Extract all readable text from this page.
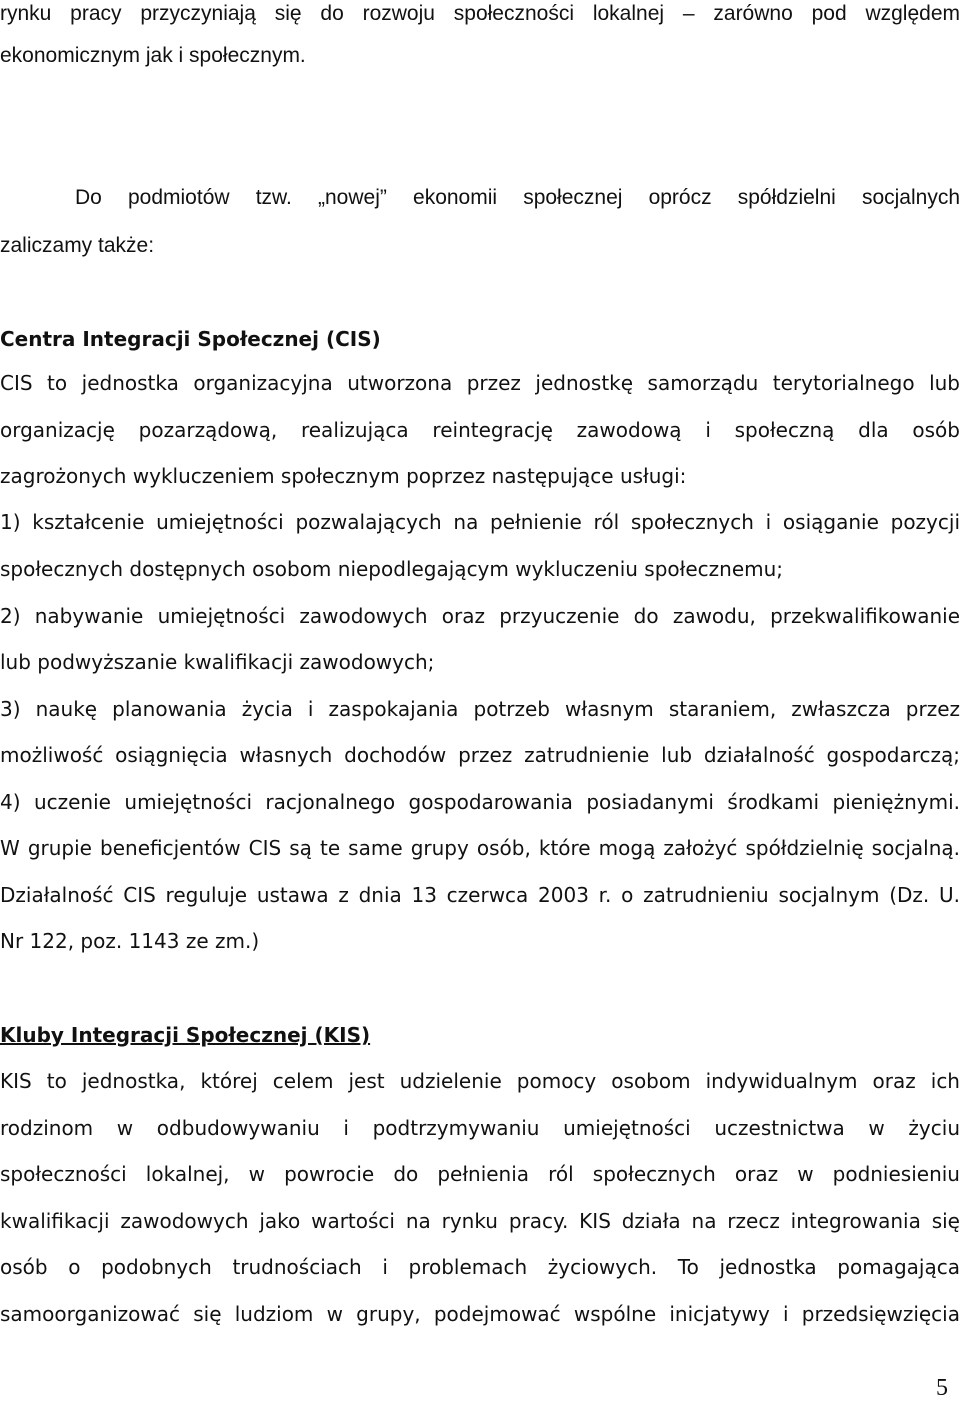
rynku pracy przyczyniają się do rozwoju społeczności lokalnej – zarówno pod względem
ekonomicznym jak i społecznym.
Do podmiotów tzw. „nowej” ekonomii społecznej oprócz spółdzielni socjalnych
zaliczamy także:
Centra Integracji Społecznej (CIS)
CIS to jednostka organizacyjna utworzona przez jednostkę samorządu terytorialnego lub
organizację pozarządową, realizująca reintegrację zawodową i społeczną dla osób
zagrożonych wykluczeniem społecznym poprzez następujące usługi:
1) kształcenie umiejętności pozwalających na pełnienie ról społecznych i osiąganie pozycji
społecznych dostępnych osobom niepodlegającym wykluczeniu społecznemu;
2) nabywanie umiejętności zawodowych oraz przyuczenie do zawodu, przekwalifikowanie
lub podwyższanie kwalifikacji zawodowych;
3) naukę planowania życia i zaspokajania potrzeb własnym staraniem, zwłaszcza przez
możliwość osiągnięcia własnych dochodów przez zatrudnienie lub działalność gospodarczą;
4) uczenie umiejętności racjonalnego gospodarowania posiadanymi środkami pieniężnymi.
W grupie beneficjentów CIS są te same grupy osób, które mogą założyć spółdzielnię socjalną.
Działalność CIS reguluje ustawa z dnia 13 czerwca 2003 r. o zatrudnieniu socjalnym (Dz. U.
Nr 122, poz. 1143 ze zm.)
Kluby Integracji Społecznej (KIS)
KIS to jednostka, której celem jest udzielenie pomocy osobom indywidualnym oraz ich
rodzinom w odbudowywaniu i podtrzymywaniu umiejętności uczestnictwa w życiu
społeczności lokalnej, w powrocie do pełnienia ról społecznych oraz w podniesieniu
kwalifikacji zawodowych jako wartości na rynku pracy. KIS działa na rzecz integrowania się
osób o podobnych trudnościach i problemach życiowych. To jednostka pomagająca
samoorganizować się ludziom w grupy, podejmować wspólne inicjatywy i przedsięwzięcia
5
